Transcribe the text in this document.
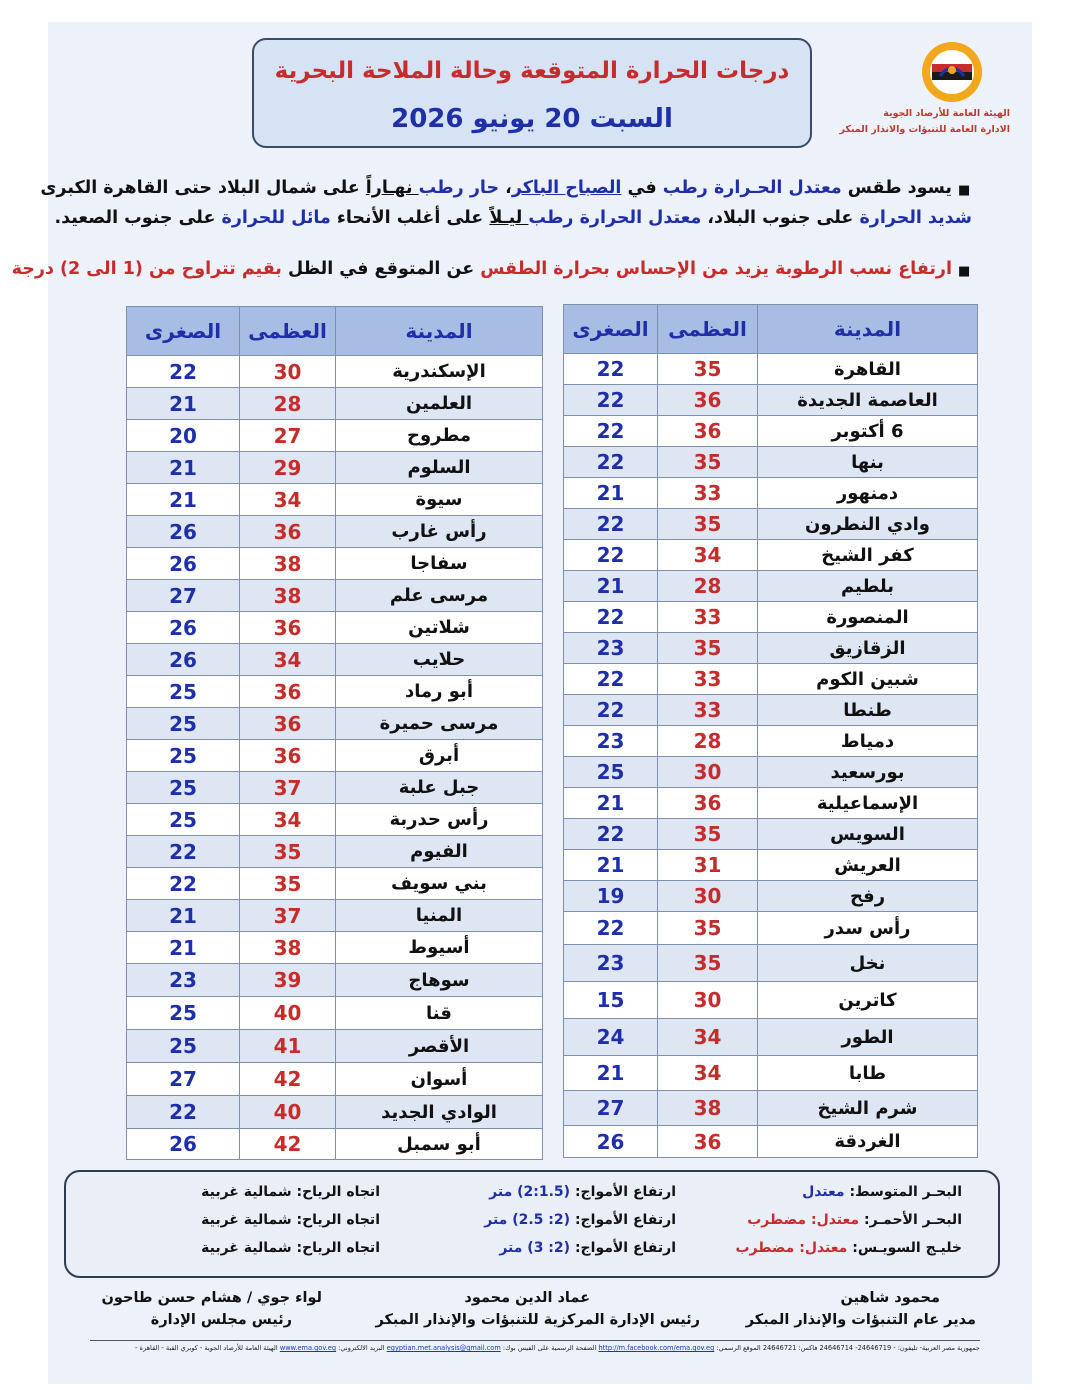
الهيئة العامة للأرصاد الجوية
الادارة العامة للتنبؤات والانذار المبكر
درجات الحرارة المتوقعة وحالة الملاحة البحرية
السبت 20 يونيو 2026
■
يسود طقس معتدل الحـرارة رطب في الصباح الباكر، حار رطب نهـاراً على شمال البلاد حتى القاهرة الكبرى
شديد الحرارة على جنوب البلاد، معتدل الحرارة رطب ليـلاً على أغلب الأنحاء مائل للحرارة على جنوب الصعيد.
■
ارتفاع نسب الرطوبة يزيد من الإحساس بحرارة الطقس عن المتوقع في الظل بقيم تتراوح من (1 الى 2) درجة
المدينة	العظمى	الصغرى
القاهرة	35	22
العاصمة الجديدة	36	22
6 أكتوبر	36	22
بنها	35	22
دمنهور	33	21
وادي النطرون	35	22
كفر الشيخ	34	22
بلطيم	28	21
المنصورة	33	22
الزقازيق	35	23
شبين الكوم	33	22
طنطا	33	22
دمياط	28	23
بورسعيد	30	25
الإسماعيلية	36	21
السويس	35	22
العريش	31	21
رفح	30	19
رأس سدر	35	22
نخل	35	23
كاترين	30	15
الطور	34	24
طابا	34	21
شرم الشيخ	38	27
الغردقة	36	26
المدينة	العظمى	الصغرى
الإسكندرية	30	22
العلمين	28	21
مطروح	27	20
السلوم	29	21
سيوة	34	21
رأس غارب	36	26
سفاجا	38	26
مرسى علم	38	27
شلاتين	36	26
حلايب	34	26
أبو رماد	36	25
مرسى حميرة	36	25
أبرق	36	25
جبل علبة	37	25
رأس حدربة	34	25
الفيوم	35	22
بني سويف	35	22
المنيا	37	21
أسيوط	38	21
سوهاج	39	23
قنا	40	25
الأقصر	41	25
أسوان	42	27
الوادي الجديد	40	22
أبو سمبل	42	26
البحـر المتوسط: معتدل
ارتفاع الأمواج: (2:1.5) متر
اتجاه الرياح: شمالية غربية
البحـر الأحمـر: معتدل: مضطرب
ارتفاع الأمواج: (2: 2.5) متر
اتجاه الرياح: شمالية غربية
خليـج السويـس: معتدل: مضطرب
ارتفاع الأمواج: (2: 3) متر
اتجاه الرياح: شمالية غربية
محمود شاهين
مدير عام التنبؤات والإنذار المبكر
عماد الدين محمود
رئيس الإدارة المركزية للتنبؤات والإنذار المبكر
لواء جوي / هشام حسن طاحون
رئيس مجلس الإدارة
جمهورية مصر العربية- تليفون: - 24646719- 24646714 فاكس: 24646721 الموقع الرسمي: http://m.facebook.com/ema.gov.eg الصفحة الرسمية على الفيس بوك: egyptian.met.analysis@gmail.com البريد الالكتروني: www.ema.gov.eg الهيئة العامة للأرصاد الجوية - كوبري القبة - القاهرة -
